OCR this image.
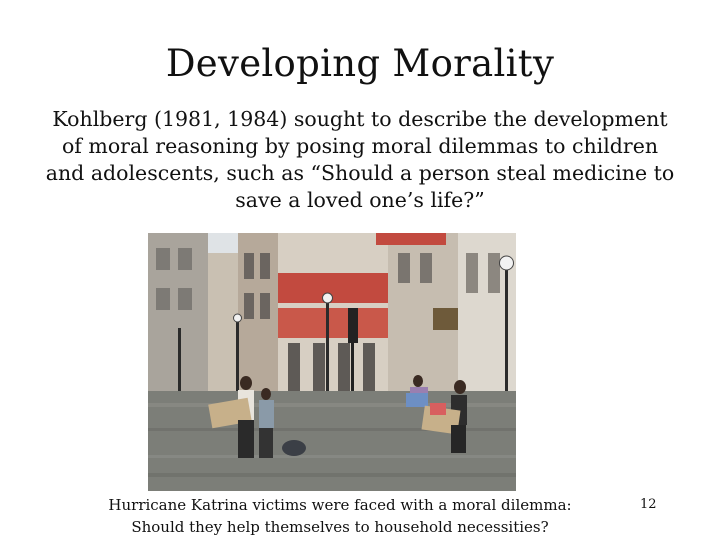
Developing Morality
Kohlberg (1981, 1984) sought to describe the development of moral reasoning by posing moral dilemmas to children and adolescents, such as “Should a person steal medicine to save a loved one’s life?”
Hurricane Katrina victims were faced with a moral dilemma:
Should they help themselves to household necessities?
12
